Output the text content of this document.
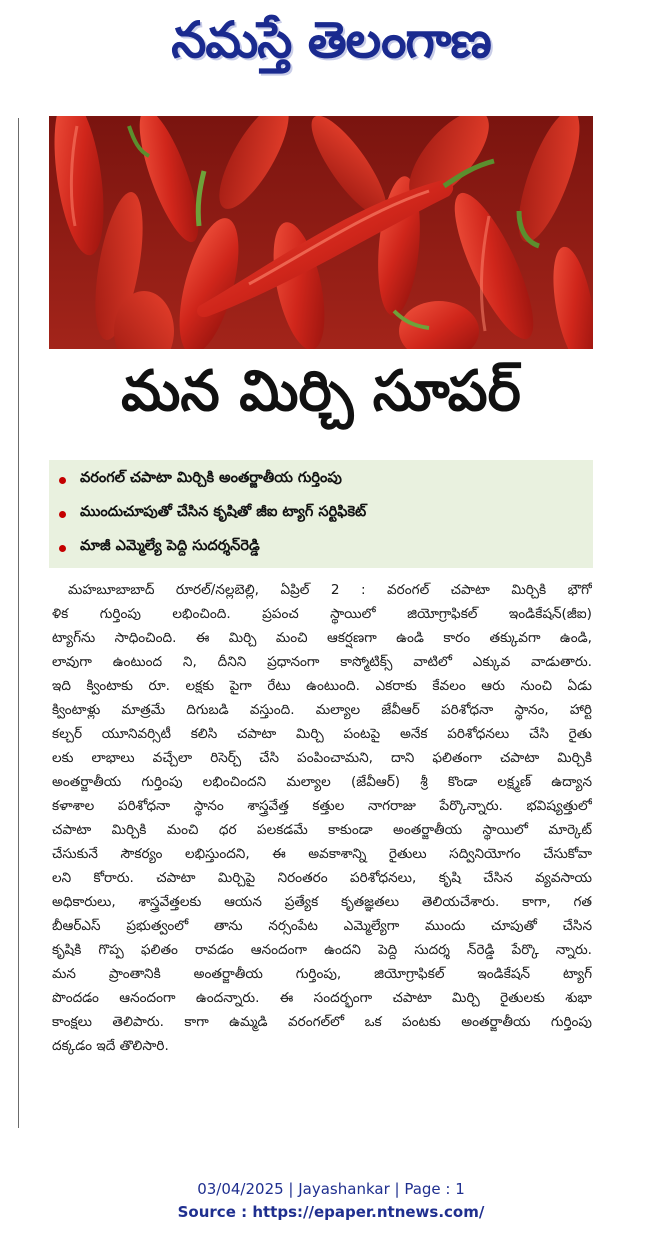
నమస్తే తెలంగాణ
మన మిర్చి సూపర్
వరంగల్ చపాటా మిర్చికి అంతర్జాతీయ గుర్తింపు
ముందుచూపుతో చేసిన కృషితో జీఐ ట్యాగ్ సర్టిఫికెట్
మాజీ ఎమ్మెల్యే పెద్ది సుదర్శన్‌రెడ్డి
మహబూబాబాద్ రూరల్/నల్లబెల్లి, ఏప్రిల్ 2 : వరంగల్ చపాటా మిర్చికి భౌగో
ళిక గుర్తింపు లభించింది. ప్రపంచ స్థాయిలో జియోగ్రాఫికల్ ఇండికేషన్(జీఐ)
ట్యాగ్‌ను సాధించింది. ఈ మిర్చి మంచి ఆకర్షణగా ఉండి కారం తక్కువగా ఉండి,
లావుగా ఉంటుంద ని, దీనిని ప్రధానంగా కాస్మోటిక్స్ వాటిలో ఎక్కువ వాడుతారు.
ఇది క్వింటాకు రూ. లక్షకు పైగా రేటు ఉంటుంది. ఎకరాకు కేవలం ఆరు నుంచి ఏడు
క్వింటాళ్లు మాత్రమే దిగుబడి వస్తుంది. మల్యాల జేవీఆర్ పరిశోధనా స్థానం, హార్టి
కల్చర్ యూనివర్సిటీ కలిసి చపాటా మిర్చి పంటపై అనేక పరిశోధనలు చేసి రైతు
లకు లాభాలు వచ్చేలా రిసెర్చ్ చేసి పంపించామని, దాని ఫలితంగా చపాటా మిర్చికి
అంతర్జాతీయ గుర్తింపు లభించిందని మల్యాల (జేవీఆర్) శ్రీ కొండా లక్ష్మణ్ ఉద్యాన
కళాశాల పరిశోధనా స్థానం శాస్త్రవేత్త కత్తుల నాగరాజు పేర్కొన్నారు. భవిష్యత్తులో
చపాటా మిర్చికి మంచి ధర పలకడమే కాకుండా అంతర్జాతీయ స్థాయిలో మార్కెట్
చేసుకునే సౌకర్యం లభిస్తుందని, ఈ అవకాశాన్ని రైతులు సద్వినియోగం చేసుకోవా
లని కోరారు. చపాటా మిర్చిపై నిరంతరం పరిశోధనలు, కృషి చేసిన వ్యవసాయ
అధికారులు, శాస్త్రవేత్తలకు ఆయన ప్రత్యేక కృతజ్ఞతలు తెలియచేశారు. కాగా, గత
బీఆర్ఎస్ ప్రభుత్వంలో తాను నర్సంపేట ఎమ్మెల్యేగా ముందు చూపుతో చేసిన
కృషికి గొప్ప ఫలితం రావడం ఆనందంగా ఉందని పెద్ది సుదర్శ న్‌రెడ్డి పేర్కొ న్నారు.
మన ప్రాంతానికి అంతర్జాతీయ గుర్తింపు, జియోగ్రాఫికల్ ఇండికేషన్ ట్యాగ్
పొందడం ఆనందంగా ఉందన్నారు. ఈ సందర్భంగా చపాటా మిర్చి రైతులకు శుభా
కాంక్షలు తెలిపారు. కాగా ఉమ్మడి వరంగల్‌లో ఒక పంటకు అంతర్జాతీయ గుర్తింపు
దక్కడం ఇదే తొలిసారి.
03/04/2025 | Jayashankar | Page : 1
Source : https://epaper.ntnews.com/
